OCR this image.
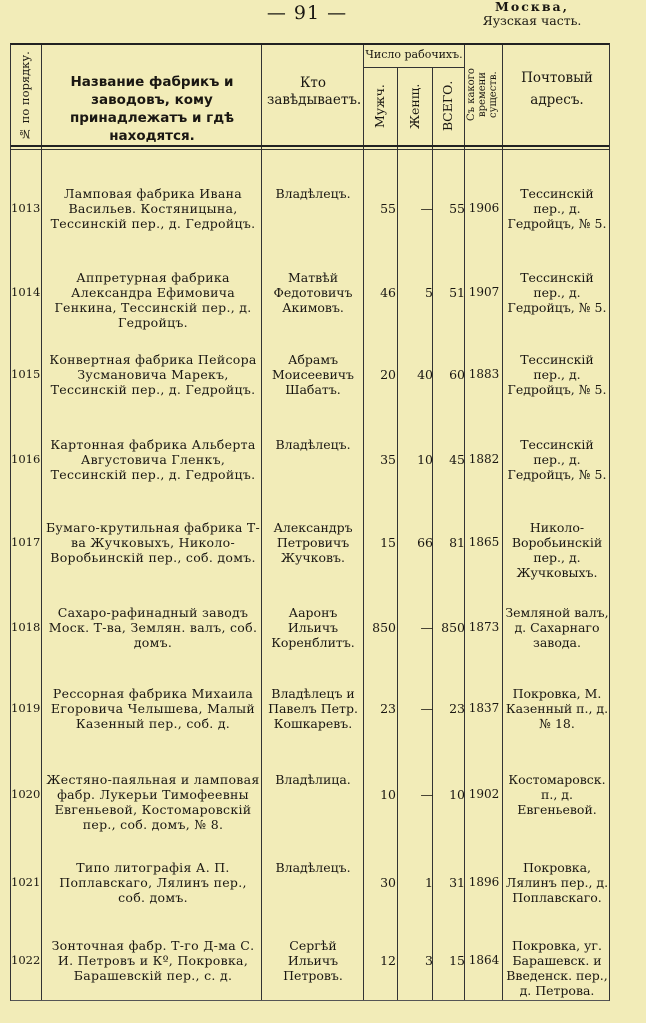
— 91 —	Москва,
Яузская часть.
№ по порядку.	Название фабрикъ и заводовъ, кому принадлежатъ и гдѣ находятся.
Кто завѣдываетъ.
Число рабочихъ.
Мужч. Женщ. ВСЕГО. Съ какого времени существ.	Почтовый адресъ.
1013
Ламповая фабрика Ивана Васильев. Костяницына, Тессинскій пер., д. Гедройцъ.
Владѣлецъ.
55	—	55 1906
Тессинскій пер., д. Гедройцъ, № 5.
1014
Аппретурная фабрика Александра Ефимовича Генкина, Тессинскій пер., д. Гедройцъ.
Матвѣй Федотовичъ Акимовъ.
46	5	51 1907
Тессинскій пер., д. Гедройцъ, № 5.
1015
Конвертная фабрика Пейсора Зусмановича Марекъ, Тессинскій пер., д. Гедройцъ.
Абрамъ Моисеевичъ Шабатъ.
20	40	60 1883
Тессинскій пер., д. Гедройцъ, № 5.
1016
Картонная фабрика Альберта Августовича Гленкъ, Тессинскій пер., д. Гедройцъ.
Владѣлецъ.
35	10	45 1882
Тессинскій пер., д. Гедройцъ, № 5.
1017
Бумаго-крутильная фабрика Т-ва Жучковыхъ, Николо-Воробьинскій пер., соб. домъ.
Александръ Петровичъ Жучковъ.
15	66	81 1865
Николо-Воробьинскій пер., д. Жучковыхъ.
1018
Сахаро-рафинадный заводъ Моск. Т-ва, Землян. валъ, соб. домъ.
Ааронъ Ильичъ Коренблитъ.
850	— 850 1873
Земляной валъ, д. Сахарнаго завода.
1019
Рессорная фабрика Михаила Егоровича Челышева, Малый Казенный пер., соб. д.
Владѣлецъ и Павелъ Петр. Кошкаревъ.
23	—	23 1837
Покровка, М. Казенный п., д. № 18.
1020
Жестяно-паяльная и ламповая фабр. Лукерьи Тимофеевны Евгеньевой, Костомаровскій пер., соб. домъ, № 8.
Владѣлица.
10	—	10 1902
Костомаровск. п., д. Евгеньевой.
1021
Типо литографія А. П. Поплавскаго, Лялинъ пер., соб. домъ.
Владѣлецъ.
30	1	31 1896
Покровка, Лялинъ пер., д. Поплавскаго.
1022
Зонточная фабр. Т-го Д-ма С. И. Петровъ и Кº, Покровка, Барашевскій пер., с. д.
Сергѣй Ильичъ Петровъ.
12	3	15 1864
Покровка, уг. Барашевск. и Введенск. пер., д. Петрова.
